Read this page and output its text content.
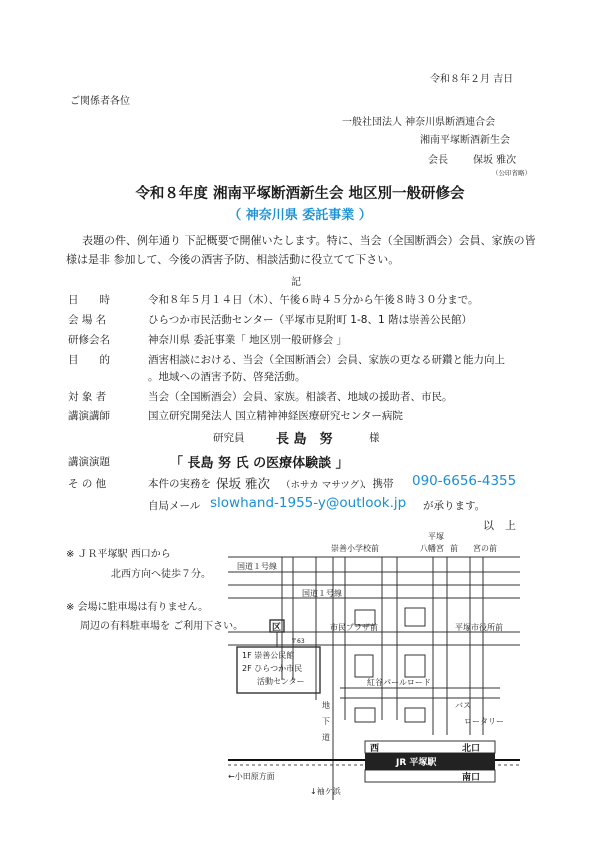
令和８年２月 吉日
ご関係者各位
一般社団法人 神奈川県断酒連合会
湘南平塚断酒新生会
会長	保坂 雅次
（公印省略）
令和８年度 湘南平塚断酒新生会 地区別一般研修会
（ 神奈川県 委託事業 ）
表題の件、例年通り 下記概要で開催いたします。特に、当会（全国断酒会）会員、家族の皆
様は是非 参加して、今後の酒害予防、相談活動に役立てて下さい。
記
日　　時	令和８年５月１４日（木）、午後６時４５分から午後８時３０分まで。
会 場 名	ひらつか市民活動センター（平塚市見附町 1-8、1 階は崇善公民館）
研修会名	神奈川県 委託事業「 地区別一般研修会 」
目　　的	酒害相談における、当会（全国断酒会）会員、家族の更なる研鑽と能力向上
。地域への酒害予防、啓発活動。
対 象 者	当会（全国断酒会）会員、家族。相談者、地域の援助者、市民。
講演講師	国立研究開発法人 国立精神神経医療研究センター病院
研究員 長 島　努	様
講演演題	「 長島 努 氏 の医療体験談 」
そ の 他	本件の実務を 保坂 雅次 （ホサカ マサツグ）
、携帯 090-6656-4355
自局メール slowhand-1955-y@outlook.jp が承ります。
以　上
※ ＪＲ平塚駅 西口から
北西方向へ徒歩７分。
※ 会場に駐車場は有りません。
周辺の有料駐車場を ご利用下さい。
崇善小学校前
平塚
八幡宮 前 宮の前
国道１号線
国道１号線
市民プラザ前	平塚市役所前
区
〒63
1F 崇善公民館
2F ひらつか市民
活動センター	紅谷パールロード
バス
ロータリー
地
下
道
西	北口
JR 平塚駅
南口
←小田原方面
↓袖ケ浜
